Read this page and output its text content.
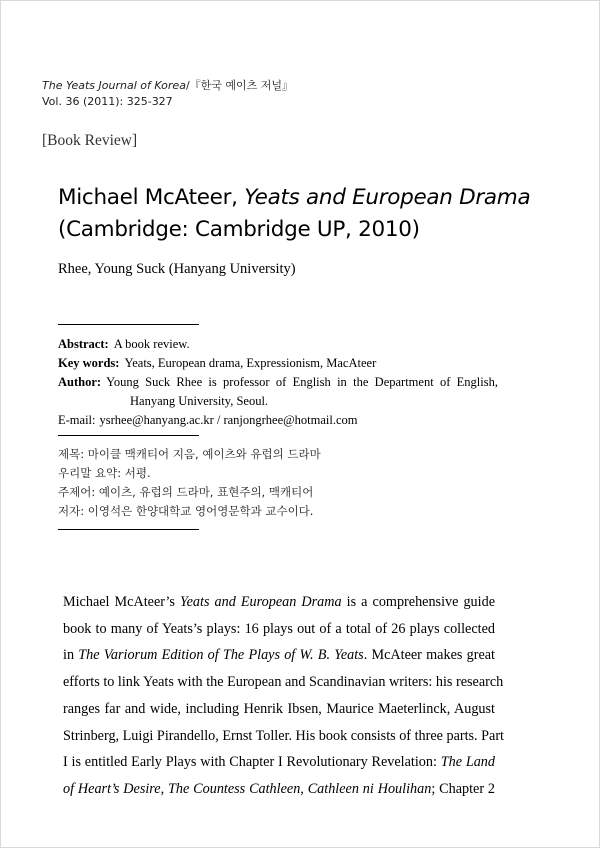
The Yeats Journal of Korea/『한국 예이츠 저널』
Vol. 36 (2011): 325-327
[Book Review]
Michael McAteer, Yeats and European Drama
(Cambridge: Cambridge UP, 2010)
Rhee, Young Suck (Hanyang University)
Abstract: A book review.
Key words: Yeats, European drama, Expressionism, MacAteer
Author: Young Suck Rhee is professor of English in the Department of English,
Hanyang University, Seoul.
E-mail: ysrhee@hanyang.ac.kr / ranjongrhee@hotmail.com
제목: 마이클 맥캐티어 지음, 예이츠와 유럽의 드라마
우리말 요약: 서평.
주제어: 예이츠, 유럽의 드라마, 표현주의, 맥캐티어
저자: 이영석은 한양대학교 영어영문학과 교수이다.
Michael McAteer’s Yeats and European Drama is a comprehensive guide
book to many of Yeats’s plays: 16 plays out of a total of 26 plays collected
in The Variorum Edition of The Plays of W. B. Yeats. McAteer makes great
efforts to link Yeats with the European and Scandinavian writers: his research
ranges far and wide, including Henrik Ibsen, Maurice Maeterlinck, August
Strinberg, Luigi Pirandello, Ernst Toller. His book consists of three parts. Part
I is entitled Early Plays with Chapter I Revolutionary Revelation: The Land
of Heart’s Desire, The Countess Cathleen, Cathleen ni Houlihan; Chapter 2
